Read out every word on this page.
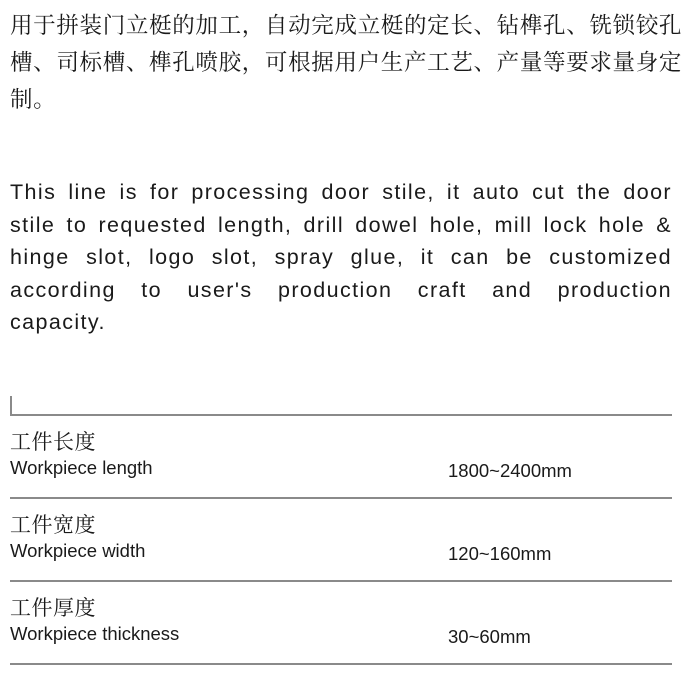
用于拼装门立梃的加工，自动完成立梃的定长、钻榫孔、铣锁铰孔槽、司标槽、榫孔喷胶，可根据用户生产工艺、产量等要求量身定制。

This line is for processing door stile, it auto cut the door stile to requested length, drill dowel hole, mill lock hole & hinge slot, logo slot, spray glue, it can be customized according to user's production craft and production capacity.

工件长度
Workpiece length	1800~2400mm
工件宽度
Workpiece width	120~160mm
工件厚度
Workpiece thickness	30~60mm
